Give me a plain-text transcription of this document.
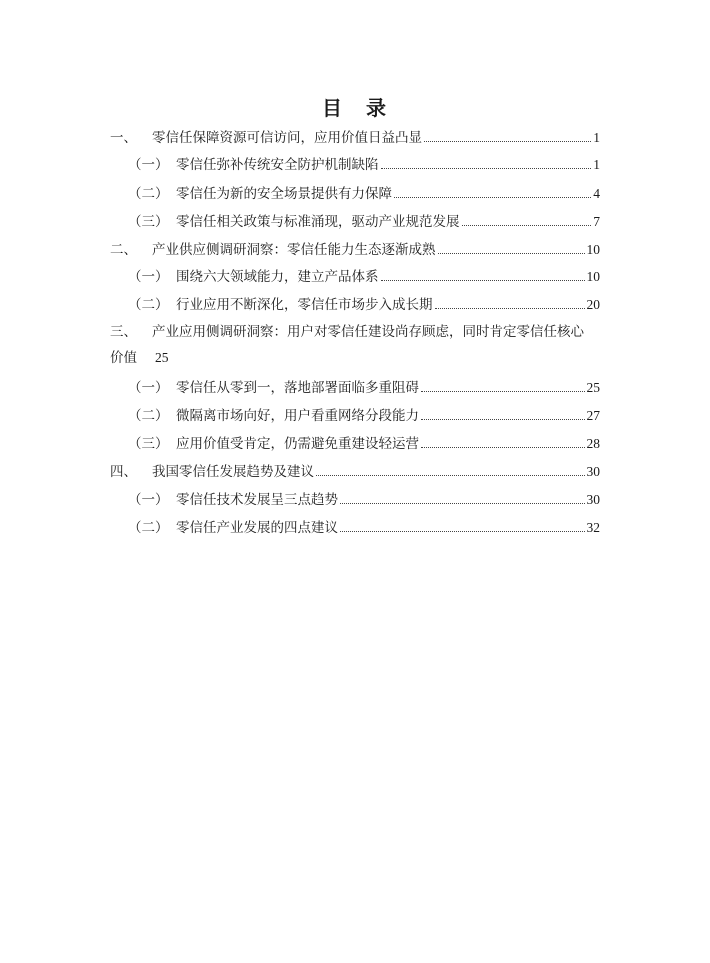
目 录
一、	零信任保障资源可信访问，应用价值日益凸显	1
（一） 零信任弥补传统安全防护机制缺陷	1
（二） 零信任为新的安全场景提供有力保障	4
（三） 零信任相关政策与标准涌现，驱动产业规范发展	7
二、	产业供应侧调研洞察：零信任能力生态逐渐成熟	10
（一） 围绕六大领域能力，建立产品体系	10
（二） 行业应用不断深化，零信任市场步入成长期	20
三、 产业应用侧调研洞察：用户对零信任建设尚存顾虑，同时肯定零信任核心
价值 25
（一） 零信任从零到一，落地部署面临多重阻碍	25
（二） 微隔离市场向好，用户看重网络分段能力	27
（三） 应用价值受肯定，仍需避免重建设轻运营	28
四、	我国零信任发展趋势及建议	30
（一） 零信任技术发展呈三点趋势	30
（二） 零信任产业发展的四点建议	32
